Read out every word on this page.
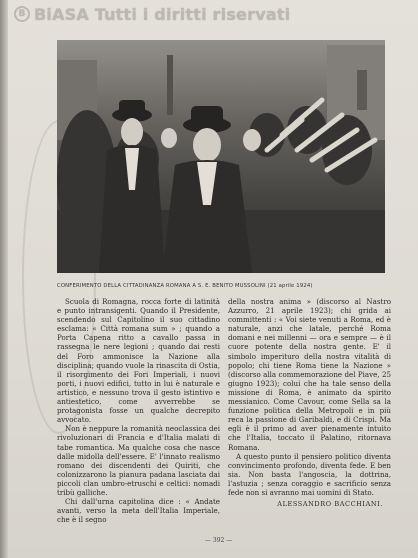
B BiASA Tutti i diritti riservati
CONFERIMENTO DELLA CITTADINANZA ROMANA A S. E. BENITO MUSSOLINI (21 aprile 1924)

Scuola di Romagna, rocca forte di latinità e punto intransigenti. Quando il Presidente, scendendo sul Capitolino il suo cittadino esclama: « Città romana sum » ; quando a Porta Capena ritto a cavallo passa in rassegna le nere legioni ; quando dai resti del Foro ammonisce la Nazione alla disciplina; quando vuole la rinascita di Ostia, il risorgimento dei Fori Imperiali, i nuovi porti, i nuovi edifici, tutto in lui è naturale e artistico, e nessuno trova il gesto istintivo e antiestetico, come avverrebbe se protagonista fosse un qualche decrepito avvocato.

Non è neppure la romanità neoclassica dei rivoluzionari di Francia e d'Italia malati di tabe romantica. Ma qualche cosa che nasce dalle midolla dell'essere. E' l'innato realismo romano dei discendenti dei Quiriti, che colonizzarono la pianura padana lasciata dai piccoli clan umbro-etruschi e celtici: nomadi tribù galliche.

Chi dall'urna capitolina dice : « Andate avanti, verso la meta dell'Italia Imperiale, che è il segno

della nostra anima » (discorso al Nastro Azzurro, 21 aprile 1923); chi grida ai committenti : « Voi siete venuti a Roma, ed è naturale, anzi che latale, perché Roma domani e nei millenni — ora e sempre — è il cuore potente della nostra gente. E' il simbolo imperituro della nostra vitalità di popolo; chi tiene Roma tiene la Nazione » (discorso alla commemorazione del Piave, 25 giugno 1923); colui che ha tale senso della missione di Roma, è animato da spirito messianico. Come Cavour, come Sella sa la funzione politica della Metropoli e in più reca la passione di Garibaldi, e di Crispi. Ma egli è il primo ad aver pienamente intuito che l'Italia, toccato il Palatino, ritornava Romana.

A questo punto il pensiero politico diventa convincimento profondo, diventa fede. E ben sia. Non basta l'angoscia, la dottrina, l'astuzia ; senza coraggio e sacrificio senza fede non si avranno mai uomini di Stato.

ALESSANDRO BACCHIANI.
— 392 —
